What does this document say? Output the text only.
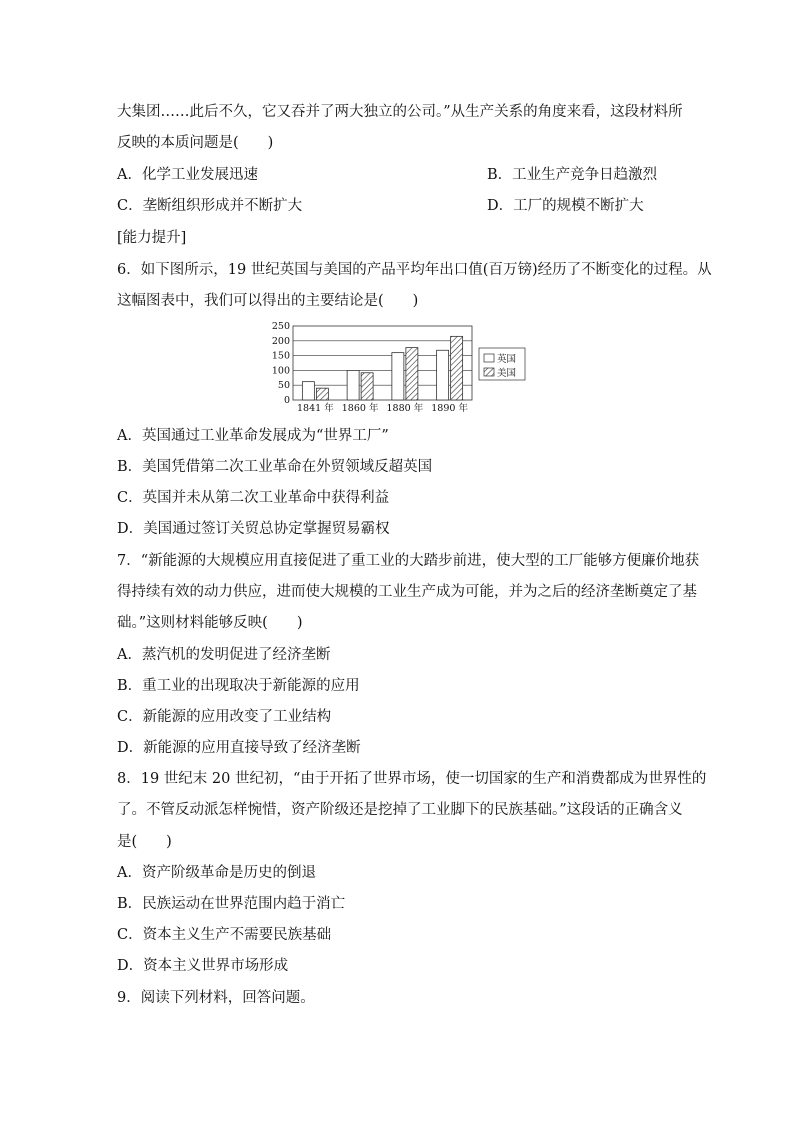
大集团……此后不久，它又吞并了两大独立的公司。”从生产关系的角度来看，这段材料所
反映的本质问题是(　　)
A．化学工业发展迅速	B．工业生产竞争日趋激烈
C．垄断组织形成并不断扩大	D．工厂的规模不断扩大
[能力提升]
6．如下图所示，19 世纪英国与美国的产品平均年出口值(百万镑)经历了不断变化的过程。从
这幅图表中，我们可以得出的主要结论是(　　)
0
50
100
150
200
250
1841 年 1860 年 1880 年 1890 年
英国
美国
A．英国通过工业革命发展成为“世界工厂”
B．美国凭借第二次工业革命在外贸领域反超英国
C．英国并未从第二次工业革命中获得利益
D．美国通过签订关贸总协定掌握贸易霸权
7．“新能源的大规模应用直接促进了重工业的大踏步前进，使大型的工厂能够方便廉价地获
得持续有效的动力供应，进而使大规模的工业生产成为可能，并为之后的经济垄断奠定了基
础。”这则材料能够反映(　　)
A．蒸汽机的发明促进了经济垄断
B．重工业的出现取决于新能源的应用
C．新能源的应用改变了工业结构
D．新能源的应用直接导致了经济垄断
8．19 世纪末 20 世纪初，“由于开拓了世界市场，使一切国家的生产和消费都成为世界性的
了。不管反动派怎样惋惜，资产阶级还是挖掉了工业脚下的民族基础。”这段话的正确含义
是(　　)
A．资产阶级革命是历史的倒退
B．民族运动在世界范围内趋于消亡
C．资本主义生产不需要民族基础
D．资本主义世界市场形成
9．阅读下列材料，回答问题。
